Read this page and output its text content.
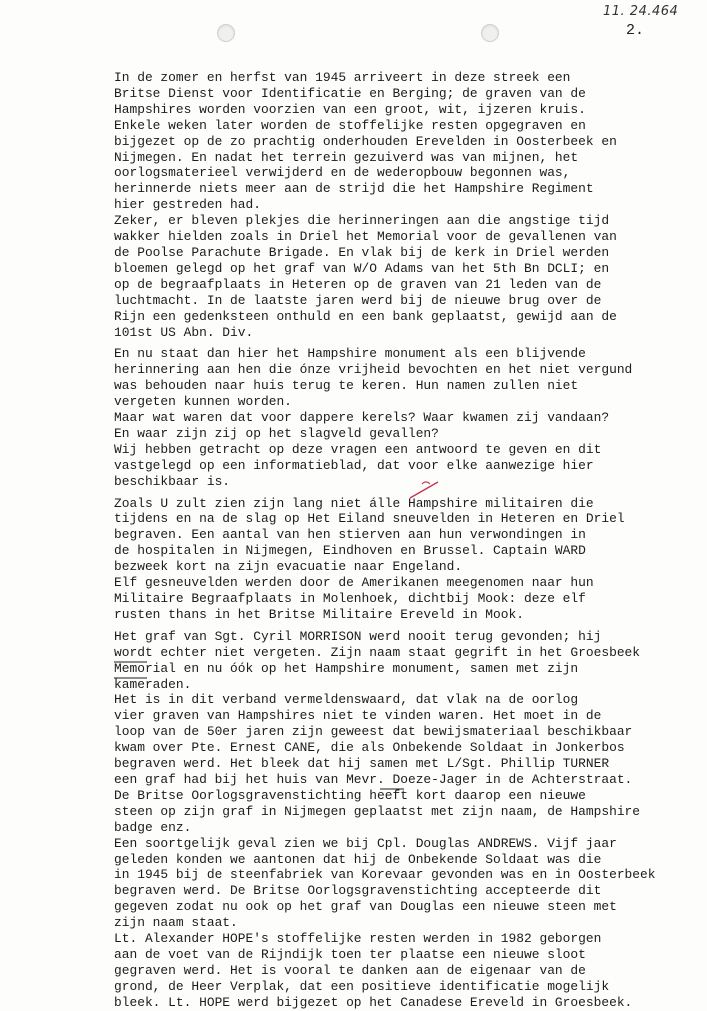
11. 24.464
2.

In de zomer en herfst van 1945 arriveert in deze streek een
Britse Dienst voor Identificatie en Berging; de graven van de
Hampshires worden voorzien van een groot, wit, ijzeren kruis.
Enkele weken later worden de stoffelijke resten opgegraven en
bijgezet op de zo prachtig onderhouden Erevelden in Oosterbeek en
Nijmegen. En nadat het terrein gezuiverd was van mijnen, het
oorlogsmaterieel verwijderd en de wederopbouw begonnen was,
herinnerde niets meer aan de strijd die het Hampshire Regiment
hier gestreden had.
Zeker, er bleven plekjes die herinneringen aan die angstige tijd
wakker hielden zoals in Driel het Memorial voor de gevallenen van
de Poolse Parachute Brigade. En vlak bij de kerk in Driel werden
bloemen gelegd op het graf van W/O Adams van het 5th Bn DCLI; en
op de begraafplaats in Heteren op de graven van 21 leden van de
luchtmacht. In de laatste jaren werd bij de nieuwe brug over de
Rijn een gedenksteen onthuld en een bank geplaatst, gewijd aan de
101st US Abn. Div.

En nu staat dan hier het Hampshire monument als een blijvende
herinnering aan hen die ónze vrijheid bevochten en het niet vergund
was behouden naar huis terug te keren. Hun namen zullen niet
vergeten kunnen worden.
Maar wat waren dat voor dappere kerels? Waar kwamen zij vandaan?
En waar zijn zij op het slagveld gevallen?
Wij hebben getracht op deze vragen een antwoord te geven en dit
vastgelegd op een informatieblad, dat voor elke aanwezige hier
beschikbaar is.

Zoals U zult zien zijn lang niet álle Hampshire militairen die
tijdens en na de slag op Het Eiland sneuvelden in Heteren en Driel
begraven. Een aantal van hen stierven aan hun verwondingen in
de hospitalen in Nijmegen, Eindhoven en Brussel. Captain WARD
bezweek kort na zijn evacuatie naar Engeland.
Elf gesneuvelden werden door de Amerikanen meegenomen naar hun
Militaire Begraafplaats in Molenhoek, dichtbij Mook: deze elf
rusten thans in het Britse Militaire Ereveld in Mook.

Het graf van Sgt. Cyril MORRISON werd nooit terug gevonden; hij
wordt echter niet vergeten. Zijn naam staat gegrift in het Groesbeek
Memorial en nu óók op het Hampshire monument, samen met zijn
kameraden.
Het is in dit verband vermeldenswaard, dat vlak na de oorlog
vier graven van Hampshires niet te vinden waren. Het moet in de
loop van de 50er jaren zijn geweest dat bewijsmateriaal beschikbaar
kwam over Pte. Ernest CANE, die als Onbekende Soldaat in Jonkerbos
begraven werd. Het bleek dat hij samen met L/Sgt. Phillip TURNER
een graf had bij het huis van Mevr. Doeze-Jager in de Achterstraat.
De Britse Oorlogsgravenstichting heeft kort daarop een nieuwe
steen op zijn graf in Nijmegen geplaatst met zijn naam, de Hampshire
badge enz.
Een soortgelijk geval zien we bij Cpl. Douglas ANDREWS. Vijf jaar
geleden konden we aantonen dat hij de Onbekende Soldaat was die
in 1945 bij de steenfabriek van Korevaar gevonden was en in Oosterbeek
begraven werd. De Britse Oorlogsgravenstichting accepteerde dit
gegeven zodat nu ook op het graf van Douglas een nieuwe steen met
zijn naam staat.
Lt. Alexander HOPE's stoffelijke resten werden in 1982 geborgen
aan de voet van de Rijndijk toen ter plaatse een nieuwe sloot
gegraven werd. Het is vooral te danken aan de eigenaar van de
grond, de Heer Verplak, dat een positieve identificatie mogelijk
bleek. Lt. HOPE werd bijgezet op het Canadese Ereveld in Groesbeek.
